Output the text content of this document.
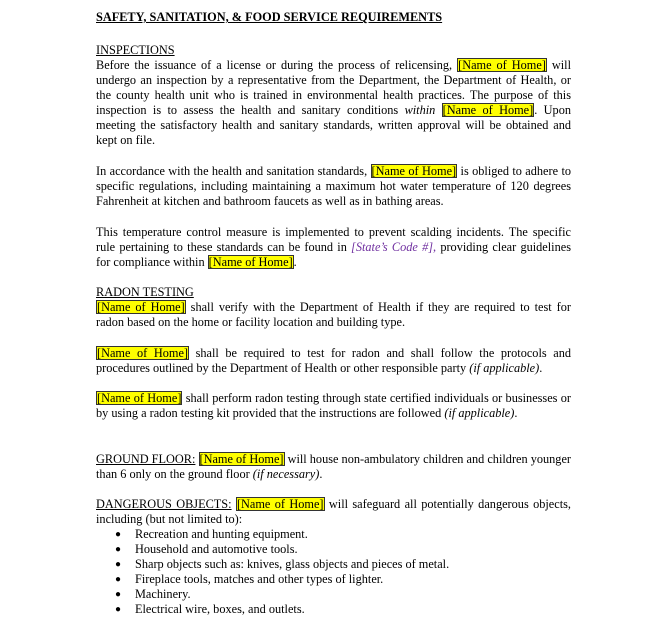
SAFETY, SANITATION, & FOOD SERVICE REQUIREMENTS
INSPECTIONS

Before the issuance of a license or during the process of relicensing, [Name of Home] will undergo an inspection by a representative from the Department, the Department of Health, or the county health unit who is trained in environmental health practices. The purpose of this inspection is to assess the health and sanitary conditions within [Name of Home]. Upon meeting the satisfactory health and sanitary standards, written approval will be obtained and kept on file.

In accordance with the health and sanitation standards, [Name of Home] is obliged to adhere to specific regulations, including maintaining a maximum hot water temperature of 120 degrees Fahrenheit at kitchen and bathroom faucets as well as in bathing areas.

This temperature control measure is implemented to prevent scalding incidents. The specific rule pertaining to these standards can be found in [State’s Code #], providing clear guidelines for compliance within [Name of Home].

RADON TESTING

[Name of Home] shall verify with the Department of Health if they are required to test for radon based on the home or facility location and building type.

[Name of Home] shall be required to test for radon and shall follow the protocols and procedures outlined by the Department of Health or other responsible party (if applicable).

[Name of Home] shall perform radon testing through state certified individuals or businesses or by using a radon testing kit provided that the instructions are followed (if applicable).

GROUND FLOOR: [Name of Home] will house non-ambulatory children and children younger than 6 only on the ground floor (if necessary).

DANGEROUS OBJECTS: [Name of Home] will safeguard all potentially dangerous objects, including (but not limited to):

● Recreation and hunting equipment.
● Household and automotive tools.
● Sharp objects such as: knives, glass objects and pieces of metal.
● Fireplace tools, matches and other types of lighter.
● Machinery.
● Electrical wire, boxes, and outlets.
